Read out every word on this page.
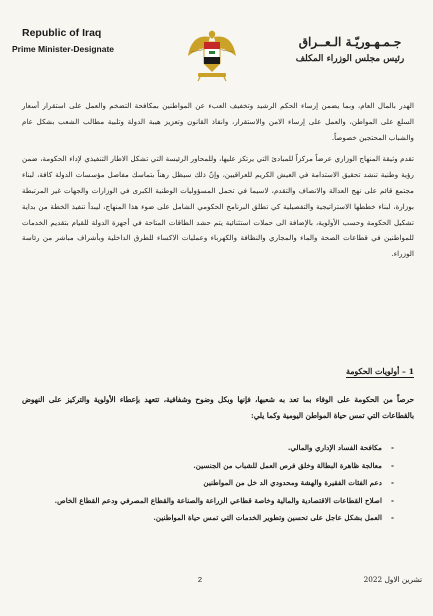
Republic of Iraq
Prime Minister-Designate	جـمـهـوريّـة الـعــراق
رئيس مجلس الوزراء المكلف

الهدر بالمال العام، وبما يضمن إرساء الحكم الرشيد وتخفيف العبء عن المواطنين بمكافحة التضخم والعمل على استقرار أسعار السلع على المواطن، والعمل على إرساء الامن والاستقرار، وانفاذ القانون وتعزيز هيبة الدولة وتلبية مطالب الشعب بشكل عام والشباب المحتجين خصوصاً.

تقدم وثيقة المنهاج الوزاري عرضاً مركزاً للمبادئ التي يرتكز عليها، وللمحاور الرئيسة التي تشكل الاطار التنفيذي لإداء الحكومة، ضمن رؤية وطنية تنشد تحقيق الاستدامة في العيش الكريم للعراقيين، وإنّ ذلك سيظل رهناً بتماسك مفاصل مؤسسات الدولة كافة، لبناء مجتمع قائم على نهج العدالة والانصاف والتقدم، لاسيما في تحمل المسؤوليات الوطنية الكبرى في الوزارات والجهات غير المرتبطة بوزارة، لبناء خططها الاستراتيجية والتفصيلية كي تطلق البرنامج الحكومي الشامل على ضوء هذا المنهاج، ليبدأ تنفيذ الخطة من بداية تشكيل الحكومة وحسب الأولوية، بالإضافة الى حملات استثنائية يتم حشد الطاقات المتاحة في أجهزة الدولة للقيام بتقديم الخدمات للمواطنين في قطاعات الصحة والماء والمجاري والنظافة والكهرباء وعمليات الاكساء للطرق الداخلية وبأشراف مباشر من رئاسة الوزراء.

1 – أولويات الحكومة

حرصاً من الحكومة على الوفاء بما تعد به شعبها، فإنها وبكل وضوح وشفافية، تتعهد بإعطاء الأولوية والتركيز على النهوض بالقطاعات التي تمس حياة المواطن اليومية وكما يلي:

- مكافحة الفساد الإداري والمالي.
- معالجة ظاهرة البطالة وخلق فرص العمل للشباب من الجنسين.
- دعم الفئات الفقيرة والهشة ومحدودي الد خل من المواطنين
- اصلاح القطاعات الاقتصادية والمالية وخاصة قطاعي الزراعة والصناعة والقطاع المصرفي ودعم القطاع الخاص.
- العمل بشكل عاجل على تحسين وتطوير الخدمات التي تمس حياة المواطنين.
2	تشرين الاول 2022
